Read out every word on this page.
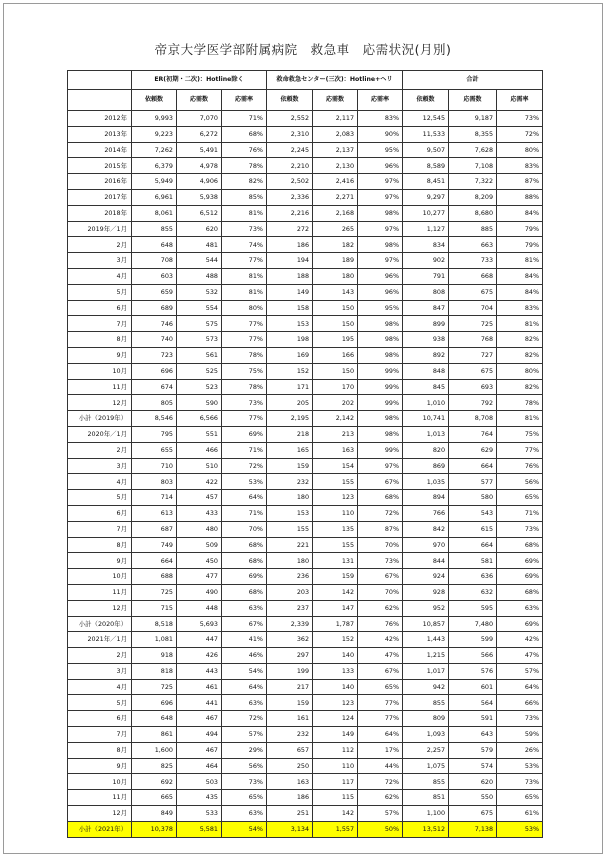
帝京大学医学部附属病院　救急車　応需状況(月別)
	ER(初期・二次)：Hotline除く			救命救急センター(三次)：Hotline+ヘリ			合計		
	依頼数	応需数	応需率	依頼数	応需数	応需率	依頼数	応需数	応需率
2012年	9,993	7,070	71%	2,552	2,117	83%	12,545	9,187	73%
2013年	9,223	6,272	68%	2,310	2,083	90%	11,533	8,355	72%
2014年	7,262	5,491	76%	2,245	2,137	95%	9,507	7,628	80%
2015年	6,379	4,978	78%	2,210	2,130	96%	8,589	7,108	83%
2016年	5,949	4,906	82%	2,502	2,416	97%	8,451	7,322	87%
2017年	6,961	5,938	85%	2,336	2,271	97%	9,297	8,209	88%
2018年	8,061	6,512	81%	2,216	2,168	98%	10,277	8,680	84%
2019年／1月	855	620	73%	272	265	97%	1,127	885	79%
2月	648	481	74%	186	182	98%	834	663	79%
3月	708	544	77%	194	189	97%	902	733	81%
4月	603	488	81%	188	180	96%	791	668	84%
5月	659	532	81%	149	143	96%	808	675	84%
6月	689	554	80%	158	150	95%	847	704	83%
7月	746	575	77%	153	150	98%	899	725	81%
8月	740	573	77%	198	195	98%	938	768	82%
9月	723	561	78%	169	166	98%	892	727	82%
10月	696	525	75%	152	150	99%	848	675	80%
11月	674	523	78%	171	170	99%	845	693	82%
12月	805	590	73%	205	202	99%	1,010	792	78%
小計（2019年）	8,546	6,566	77%	2,195	2,142	98%	10,741	8,708	81%
2020年／1月	795	551	69%	218	213	98%	1,013	764	75%
2月	655	466	71%	165	163	99%	820	629	77%
3月	710	510	72%	159	154	97%	869	664	76%
4月	803	422	53%	232	155	67%	1,035	577	56%
5月	714	457	64%	180	123	68%	894	580	65%
6月	613	433	71%	153	110	72%	766	543	71%
7月	687	480	70%	155	135	87%	842	615	73%
8月	749	509	68%	221	155	70%	970	664	68%
9月	664	450	68%	180	131	73%	844	581	69%
10月	688	477	69%	236	159	67%	924	636	69%
11月	725	490	68%	203	142	70%	928	632	68%
12月	715	448	63%	237	147	62%	952	595	63%
小計（2020年）	8,518	5,693	67%	2,339	1,787	76%	10,857	7,480	69%
2021年／1月	1,081	447	41%	362	152	42%	1,443	599	42%
2月	918	426	46%	297	140	47%	1,215	566	47%
3月	818	443	54%	199	133	67%	1,017	576	57%
4月	725	461	64%	217	140	65%	942	601	64%
5月	696	441	63%	159	123	77%	855	564	66%
6月	648	467	72%	161	124	77%	809	591	73%
7月	861	494	57%	232	149	64%	1,093	643	59%
8月	1,600	467	29%	657	112	17%	2,257	579	26%
9月	825	464	56%	250	110	44%	1,075	574	53%
10月	692	503	73%	163	117	72%	855	620	73%
11月	665	435	65%	186	115	62%	851	550	65%
12月	849	533	63%	251	142	57%	1,100	675	61%
小計（2021年）	10,378	5,581	54%	3,134	1,557	50%	13,512	7,138	53%
